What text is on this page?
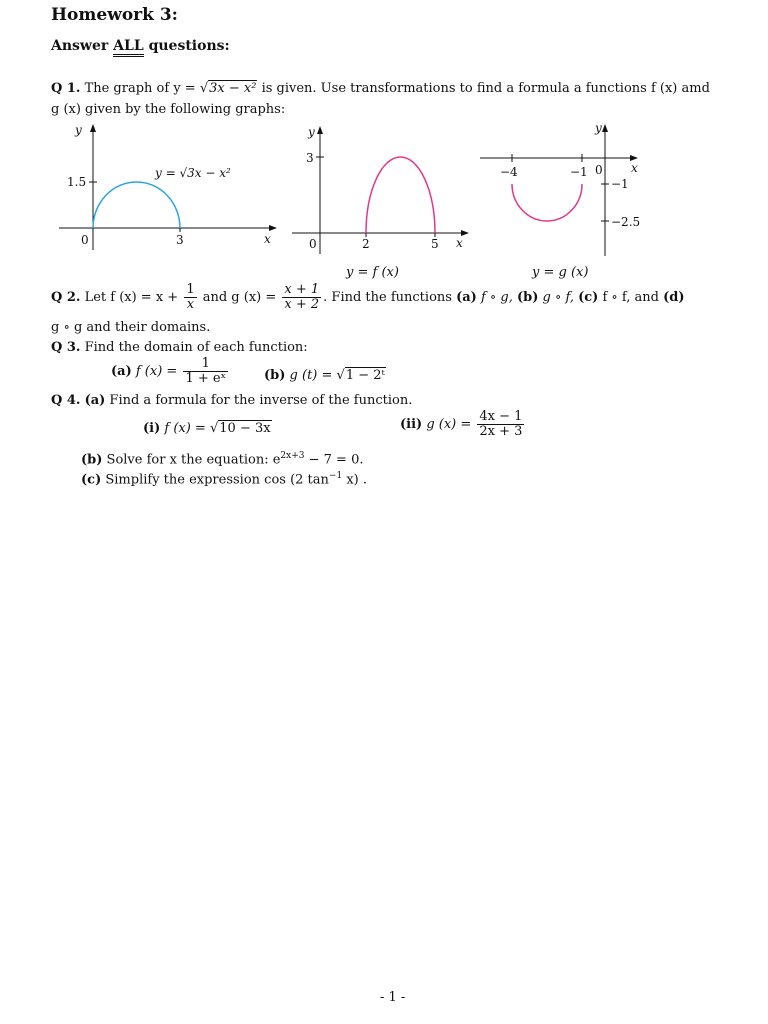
Homework 3:
Answer ALL questions:
Q 1. The graph of y = √3x − x² is given. Use transformations to find a formula a functions f (x) amd
g (x) given by the following graphs:
y
x
1.5
0	3
y = √3x − x²
y
x
3
0	2	5
y
x
−4	−1 0
−1
−2.5
y = f (x)	y = g (x)
Q 2. Let f $(x) = x + \frac{1}{x}$ and g $(x) = \frac{x + 1}{x + 2}$ . Find the functions (a) f ∘ g, (b) g ∘ f, (c) f ∘ f, and (d)
g ∘ g and their domains.
Q 3. Find the domain of each function:
(a) f $(x) = \frac{1}{\text{1 + eˣ}}$	(b) g (t) = √1 − 2ᵗ
Q 4. (a) Find a formula for the inverse of the function.
(i) f (x) = √10 − 3x	(ii) g $(x) = \frac{4x - 1}{2x + 3}$
(b) Solve for x the equation: $e^{2x+3} - 7 = 0$.
(c) Simplify the expression cos (2 $\tan^{-1} x$) .
- 1 -
